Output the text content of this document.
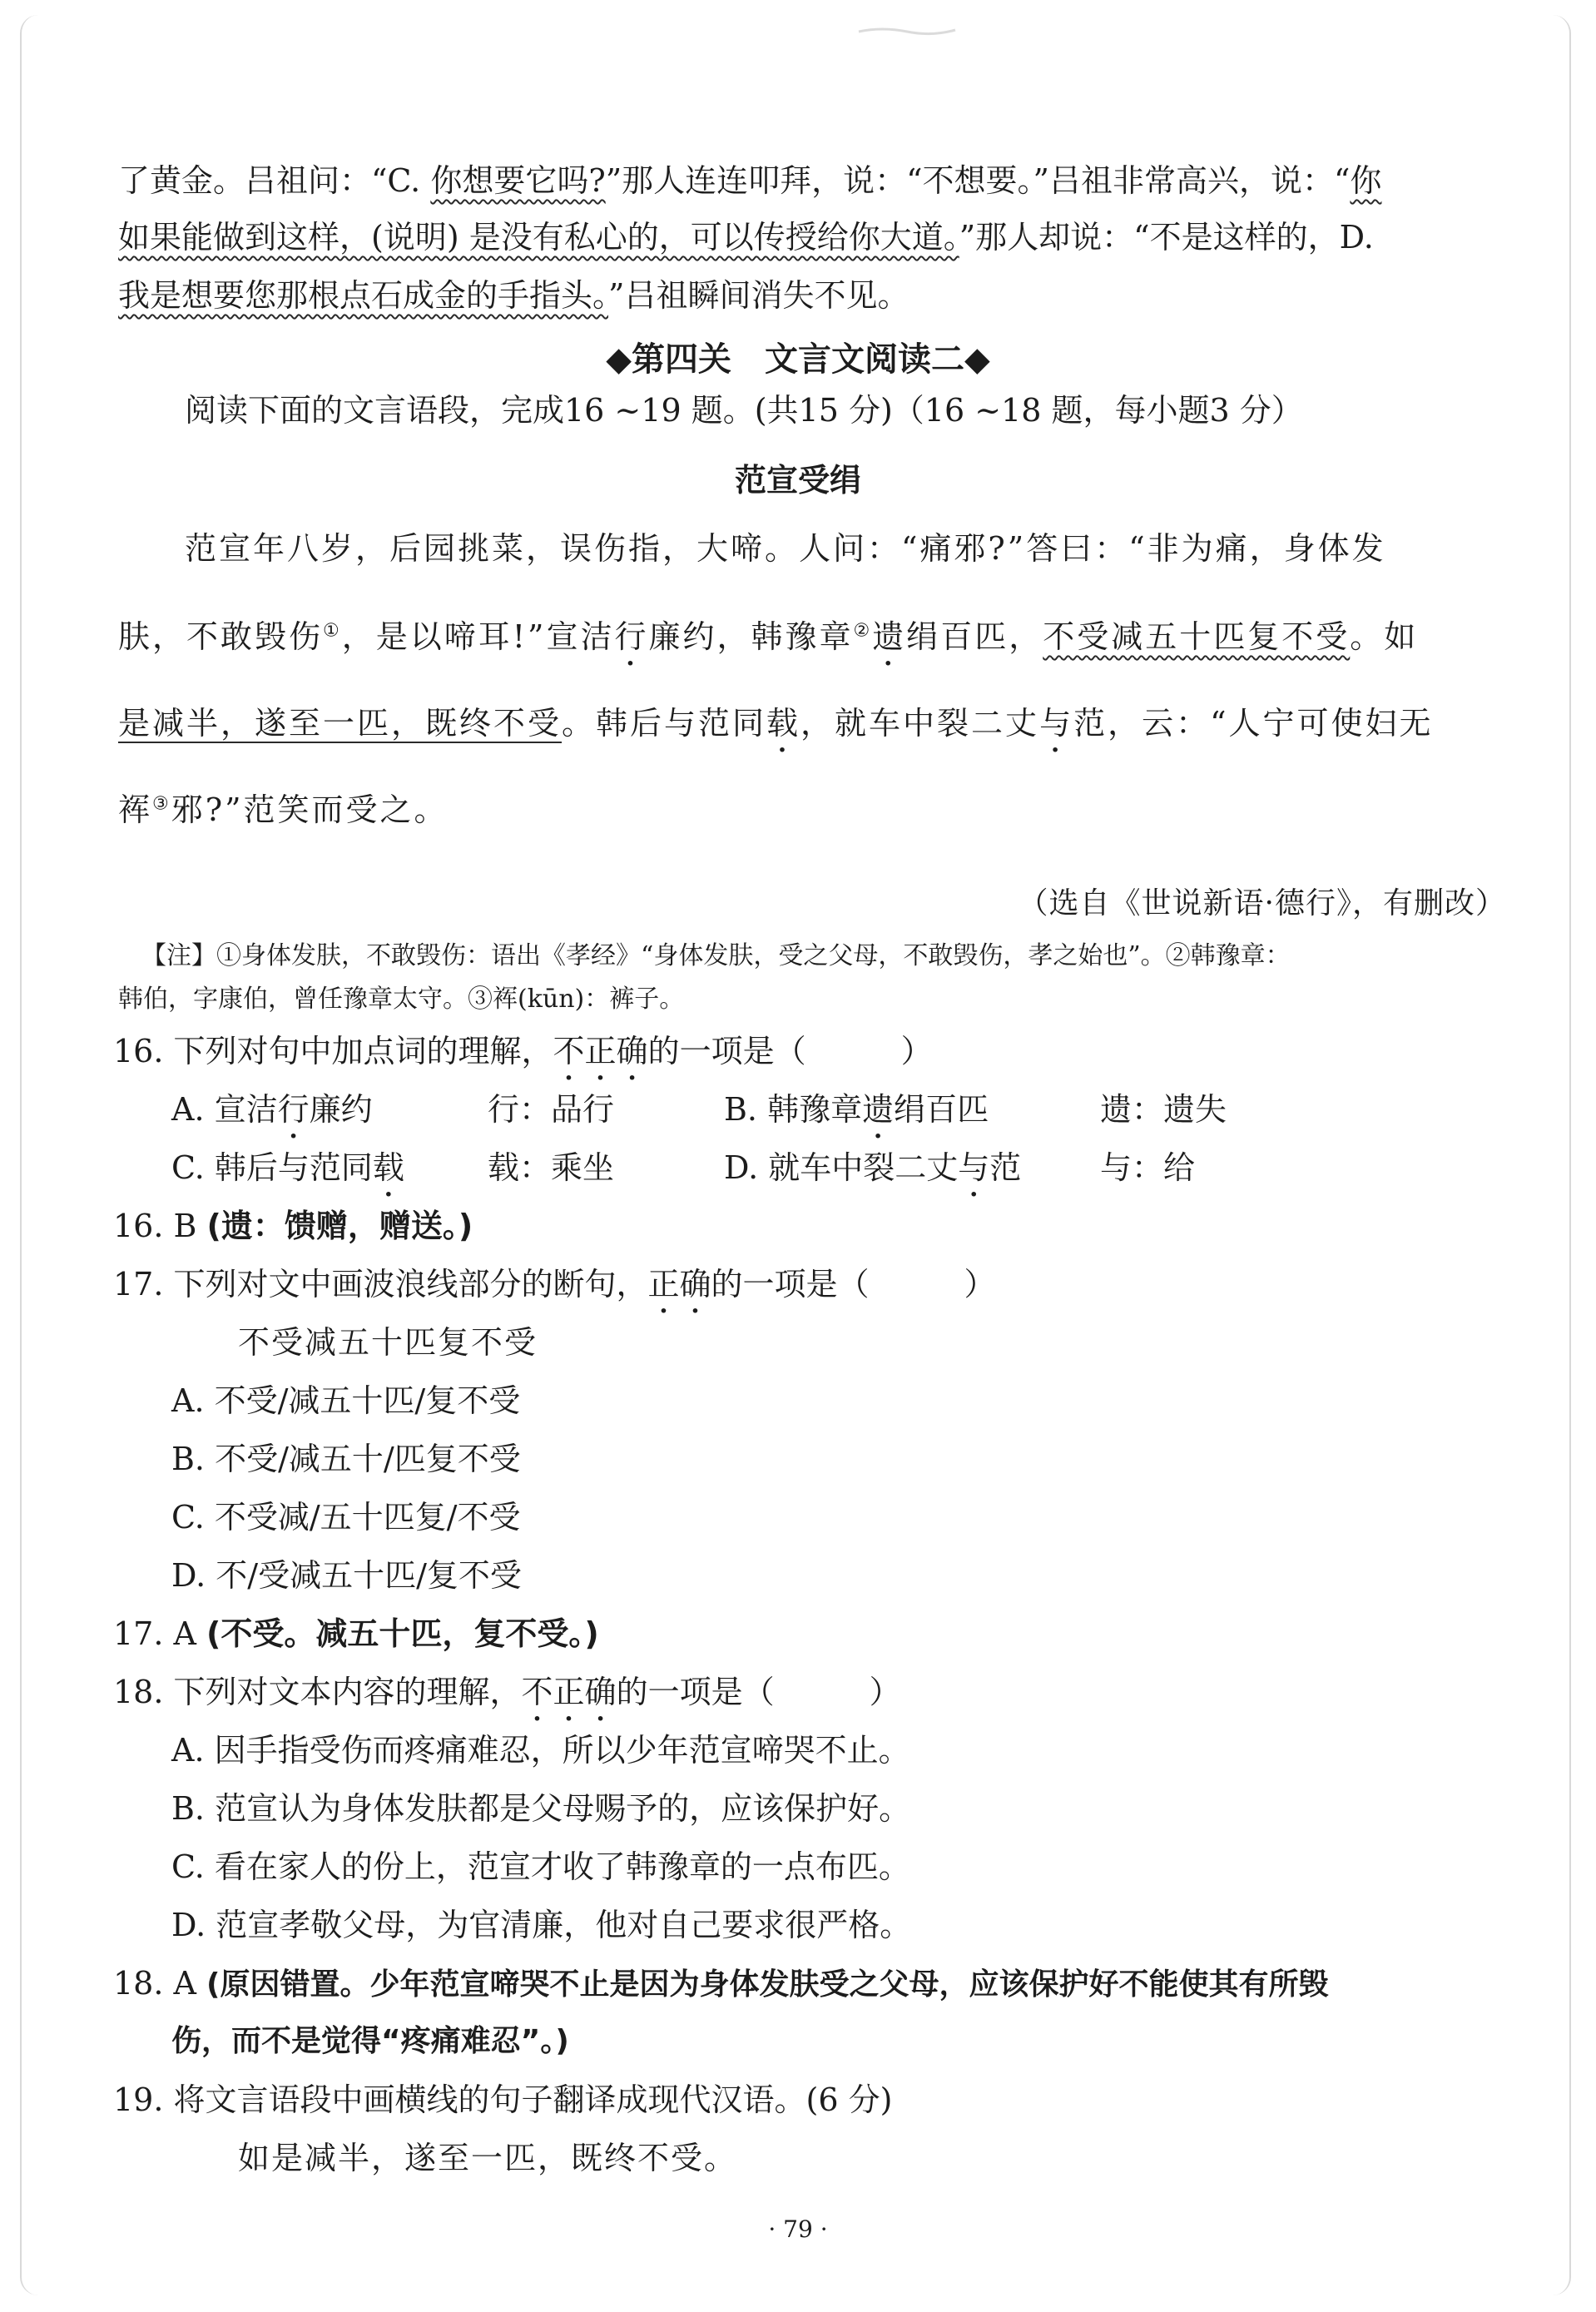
了黄金。吕祖问：“C. 你想要它吗?”那人连连叩拜，说：“不想要。”吕祖非常高兴，说：“你
如果能做到这样，(说明) 是没有私心的，可以传授给你大道。”那人却说：“不是这样的，D.
我是想要您那根点石成金的手指头。”吕祖瞬间消失不见。
◆第四关　文言文阅读二◆
阅读下面的文言语段，完成16 ~19 题。(共15 分)（16 ~18 题，每小题3 分）
范宣受绢
范宣年八岁，后园挑菜，误伤指，大啼。人问：“痛邪?”答曰：“非为痛，身体发
肤，不敢毁伤①，是以啼耳!”宣洁行廉约，韩豫章②遗绢百匹，不受减五十匹复不受。如
是减半，遂至一匹，既终不受。韩后与范同载，就车中裂二丈与范，云：“人宁可使妇无
裈③邪?”范笑而受之。
（选自《世说新语·德行》，有删改）
【注】①身体发肤，不敢毁伤：语出《孝经》“身体发肤，受之父母，不敢毁伤，孝之始也”。②韩豫章：
韩伯，字康伯，曾任豫章太守。③裈(kūn)：裤子。
16. 下列对句中加点词的理解，不正确的一项是（　　　）
A. 宣洁行廉约	行：品行	B. 韩豫章遗绢百匹	遗：遗失
C. 韩后与范同载	载：乘坐	D. 就车中裂二丈与范 与：给
16. B (遗：馈赠，赠送。)
17. 下列对文中画波浪线部分的断句，正确的一项是（　　　）
不受减五十匹复不受
A. 不受/减五十匹/复不受
B. 不受/减五十/匹复不受
C. 不受减/五十匹复/不受
D. 不/受减五十匹/复不受
17. A (不受。减五十匹，复不受。)
18. 下列对文本内容的理解，不正确的一项是（　　　）
A. 因手指受伤而疼痛难忍，所以少年范宣啼哭不止。
B. 范宣认为身体发肤都是父母赐予的，应该保护好。
C. 看在家人的份上，范宣才收了韩豫章的一点布匹。
D. 范宣孝敬父母，为官清廉，他对自己要求很严格。
18. A (原因错置。少年范宣啼哭不止是因为身体发肤受之父母，应该保护好不能使其有所毁
伤，而不是觉得“疼痛难忍”。)
19. 将文言语段中画横线的句子翻译成现代汉语。(6 分)
如是减半，遂至一匹，既终不受。
· 79 ·
